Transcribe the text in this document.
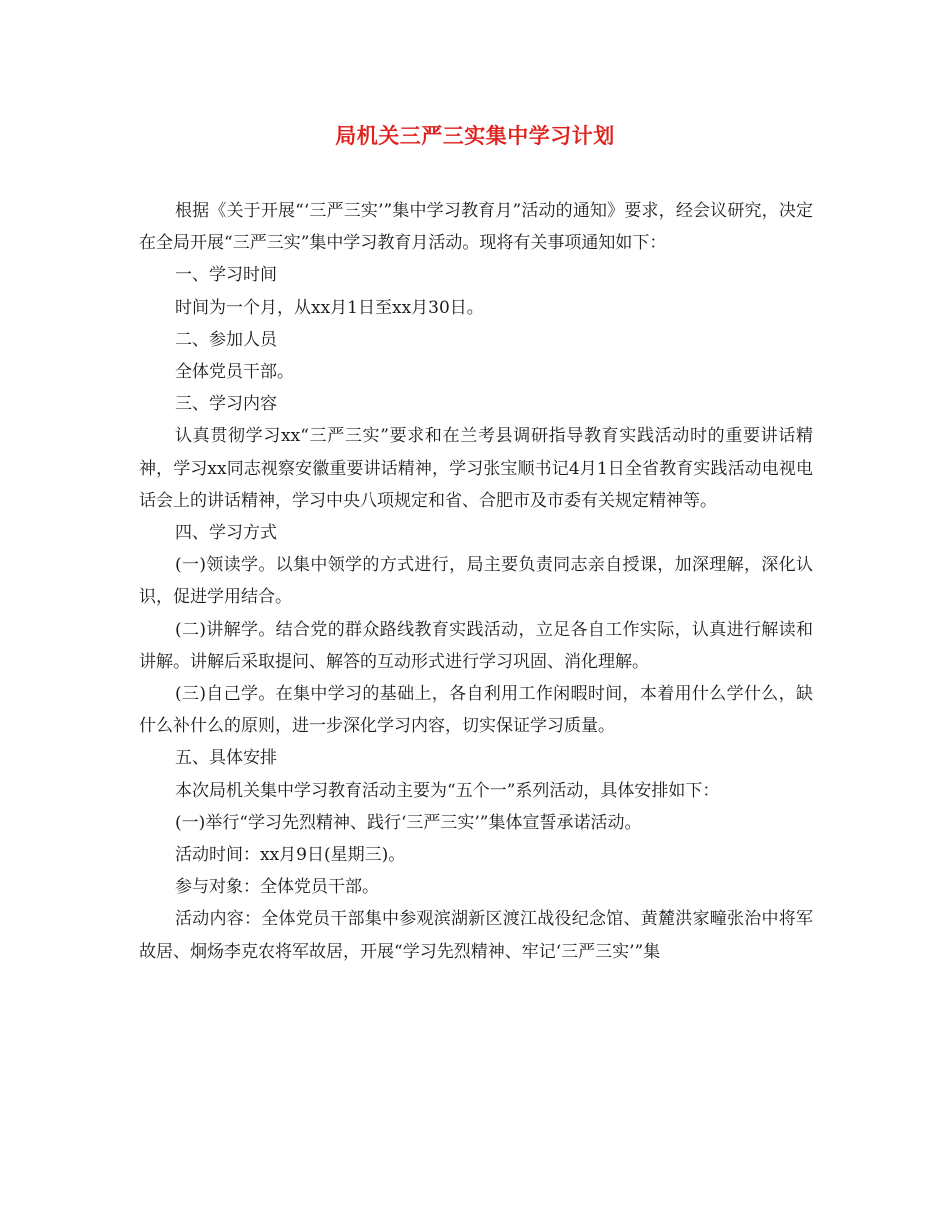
局机关三严三实集中学习计划

根据《关于开展“‘三严三实’”集中学习教育月”活动的通知》要求，经会议研究，决定在全局开展“三严三实”集中学习教育月活动。现将有关事项通知如下：

一、学习时间

时间为一个月，从xx月1日至xx月30日。

二、参加人员

全体党员干部。

三、学习内容

认真贯彻学习xx“三严三实”要求和在兰考县调研指导教育实践活动时的重要讲话精神，学习xx同志视察安徽重要讲话精神，学习张宝顺书记4月1日全省教育实践活动电视电话会上的讲话精神，学习中央八项规定和省、合肥市及市委有关规定精神等。

四、学习方式

(一)领读学。以集中领学的方式进行，局主要负责同志亲自授课，加深理解，深化认识，促进学用结合。

(二)讲解学。结合党的群众路线教育实践活动，立足各自工作实际，认真进行解读和讲解。讲解后采取提问、解答的互动形式进行学习巩固、消化理解。

(三)自己学。在集中学习的基础上，各自利用工作闲暇时间，本着用什么学什么，缺什么补什么的原则，进一步深化学习内容，切实保证学习质量。

五、具体安排

本次局机关集中学习教育活动主要为“五个一”系列活动，具体安排如下：

(一)举行“学习先烈精神、践行‘三严三实’”集体宣誓承诺活动。

活动时间：xx月9日(星期三)。

参与对象：全体党员干部。

活动内容：全体党员干部集中参观滨湖新区渡江战役纪念馆、黄麓洪家疃张治中将军故居、炯炀李克农将军故居，开展“学习先烈精神、牢记‘三严三实’”集
